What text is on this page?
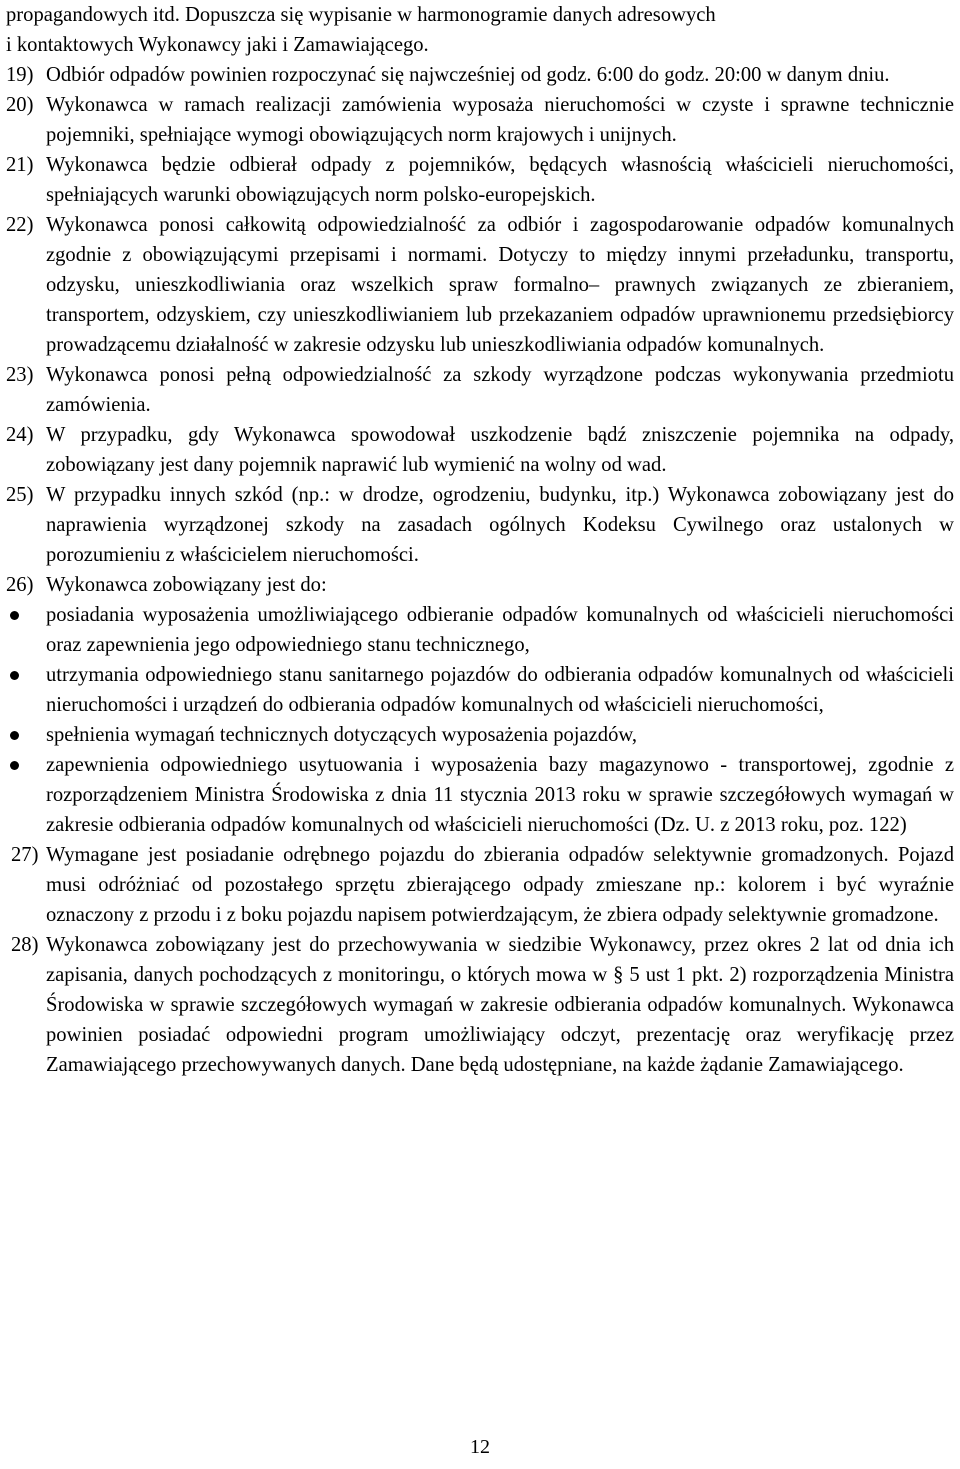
propagandowych itd. Dopuszcza się wypisanie w harmonogramie danych adresowych
i kontaktowych Wykonawcy jaki i Zamawiającego.

19) Odbiór odpadów powinien rozpoczynać się najwcześniej od godz. 6:00 do godz. 20:00 w danym dniu.
20) Wykonawca w ramach realizacji zamówienia wyposaża nieruchomości w czyste i sprawne technicznie pojemniki, spełniające wymogi obowiązujących norm krajowych i unijnych.
21) Wykonawca będzie odbierał odpady z pojemników, będących własnością właścicieli nieruchomości, spełniających warunki obowiązujących norm polsko-europejskich.
22) Wykonawca ponosi całkowitą odpowiedzialność za odbiór i zagospodarowanie odpadów komunalnych zgodnie z obowiązującymi przepisami i normami. Dotyczy to między innymi przeładunku, transportu, odzysku, unieszkodliwiania oraz wszelkich spraw formalno– prawnych związanych ze zbieraniem, transportem, odzyskiem, czy unieszkodliwianiem lub przekazaniem odpadów uprawnionemu przedsiębiorcy prowadzącemu działalność w zakresie odzysku lub unieszkodliwiania odpadów komunalnych.
23) Wykonawca ponosi pełną odpowiedzialność za szkody wyrządzone podczas wykonywania przedmiotu zamówienia.
24) W przypadku, gdy Wykonawca spowodował uszkodzenie bądź zniszczenie pojemnika na odpady, zobowiązany jest dany pojemnik naprawić lub wymienić na wolny od wad.
25) W przypadku innych szkód (np.: w drodze, ogrodzeniu, budynku, itp.) Wykonawca zobowiązany jest do naprawienia wyrządzonej szkody na zasadach ogólnych Kodeksu Cywilnego oraz ustalonych w porozumieniu z właścicielem nieruchomości.
26) Wykonawca zobowiązany jest do:
posiadania wyposażenia umożliwiającego odbieranie odpadów komunalnych od właścicieli nieruchomości oraz zapewnienia jego odpowiedniego stanu technicznego,
utrzymania odpowiedniego stanu sanitarnego pojazdów do odbierania odpadów komunalnych od właścicieli nieruchomości i urządzeń do odbierania odpadów komunalnych od właścicieli nieruchomości,
spełnienia wymagań technicznych dotyczących wyposażenia pojazdów,
zapewnienia odpowiedniego usytuowania i wyposażenia bazy magazynowo - transportowej, zgodnie z rozporządzeniem Ministra Środowiska z dnia 11 stycznia 2013 roku w sprawie szczegółowych wymagań w zakresie odbierania odpadów komunalnych od właścicieli nieruchomości (Dz. U. z 2013 roku, poz. 122)
27) Wymagane jest posiadanie odrębnego pojazdu do zbierania odpadów selektywnie gromadzonych. Pojazd musi odróżniać od pozostałego sprzętu zbierającego odpady zmieszane np.: kolorem i być wyraźnie oznaczony z przodu i z boku pojazdu napisem potwierdzającym, że zbiera odpady selektywnie gromadzone.
28) Wykonawca zobowiązany jest do przechowywania w siedzibie Wykonawcy, przez okres 2 lat od dnia ich zapisania, danych pochodzących z monitoringu, o których mowa w § 5 ust 1 pkt. 2) rozporządzenia Ministra Środowiska w sprawie szczegółowych wymagań w zakresie odbierania odpadów komunalnych. Wykonawca powinien posiadać odpowiedni program umożliwiający odczyt, prezentację oraz weryfikację przez Zamawiającego przechowywanych danych. Dane będą udostępniane, na każde żądanie Zamawiającego.
12
